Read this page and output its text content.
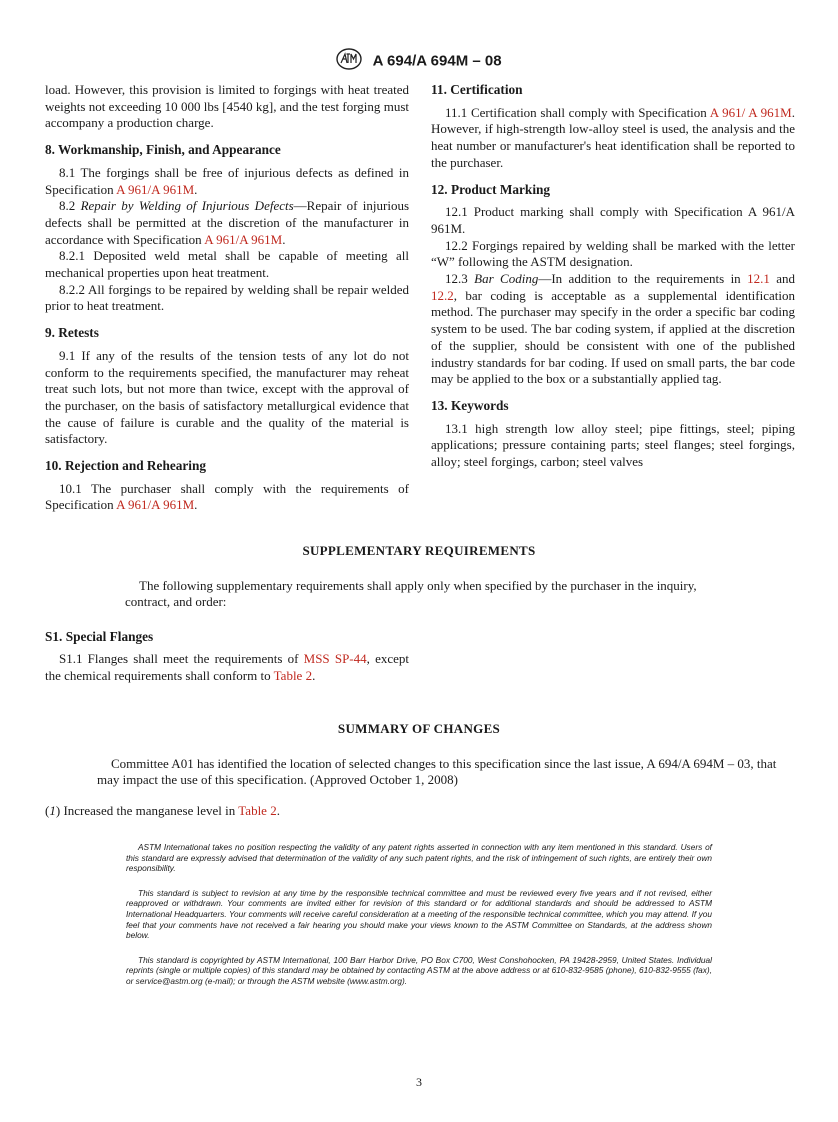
A 694/A 694M – 08

load. However, this provision is limited to forgings with heat treated weights not exceeding 10 000 lbs [4540 kg], and the test forging must accompany a production charge.

8. Workmanship, Finish, and Appearance

8.1 The forgings shall be free of injurious defects as defined in Specification A 961/A 961M.

8.2 Repair by Welding of Injurious Defects—Repair of injurious defects shall be permitted at the discretion of the manufacturer in accordance with Specification A 961/A 961M.

8.2.1 Deposited weld metal shall be capable of meeting all mechanical properties upon heat treatment.

8.2.2 All forgings to be repaired by welding shall be repair welded prior to heat treatment.

9. Retests

9.1 If any of the results of the tension tests of any lot do not conform to the requirements specified, the manufacturer may reheat treat such lots, but not more than twice, except with the approval of the purchaser, on the basis of satisfactory metallurgical evidence that the cause of failure is curable and the quality of the material is satisfactory.

10. Rejection and Rehearing

10.1 The purchaser shall comply with the requirements of Specification A 961/A 961M.

11. Certification

11.1 Certification shall comply with Specification A 961/ A 961M. However, if high-strength low-alloy steel is used, the analysis and the heat number or manufacturer's heat identification shall be reported to the purchaser.

12. Product Marking

12.1 Product marking shall comply with Specification A 961/A 961M.

12.2 Forgings repaired by welding shall be marked with the letter “W” following the ASTM designation.

12.3 Bar Coding—In addition to the requirements in 12.1 and 12.2, bar coding is acceptable as a supplemental identification method. The purchaser may specify in the order a specific bar coding system to be used. The bar coding system, if applied at the discretion of the supplier, should be consistent with one of the published industry standards for bar coding. If used on small parts, the bar code may be applied to the box or a substantially applied tag.

13. Keywords

13.1 high strength low alloy steel; pipe fittings, steel; piping applications; pressure containing parts; steel flanges; steel forgings, alloy; steel forgings, carbon; steel valves

SUPPLEMENTARY REQUIREMENTS

The following supplementary requirements shall apply only when specified by the purchaser in the inquiry, contract, and order:

S1. Special Flanges

S1.1 Flanges shall meet the requirements of MSS SP-44, except the chemical requirements shall conform to Table 2.

SUMMARY OF CHANGES

Committee A01 has identified the location of selected changes to this specification since the last issue, A 694/A 694M – 03, that may impact the use of this specification. (Approved October 1, 2008)

(1) Increased the manganese level in Table 2.

ASTM International takes no position respecting the validity of any patent rights asserted in connection with any item mentioned in this standard. Users of this standard are expressly advised that determination of the validity of any such patent rights, and the risk of infringement of such rights, are entirely their own responsibility.

This standard is subject to revision at any time by the responsible technical committee and must be reviewed every five years and if not revised, either reapproved or withdrawn. Your comments are invited either for revision of this standard or for additional standards and should be addressed to ASTM International Headquarters. Your comments will receive careful consideration at a meeting of the responsible technical committee, which you may attend. If you feel that your comments have not received a fair hearing you should make your views known to the ASTM Committee on Standards, at the address shown below.

This standard is copyrighted by ASTM International, 100 Barr Harbor Drive, PO Box C700, West Conshohocken, PA 19428-2959, United States. Individual reprints (single or multiple copies) of this standard may be obtained by contacting ASTM at the above address or at 610-832-9585 (phone), 610-832-9555 (fax), or service@astm.org (e-mail); or through the ASTM website (www.astm.org).

3
